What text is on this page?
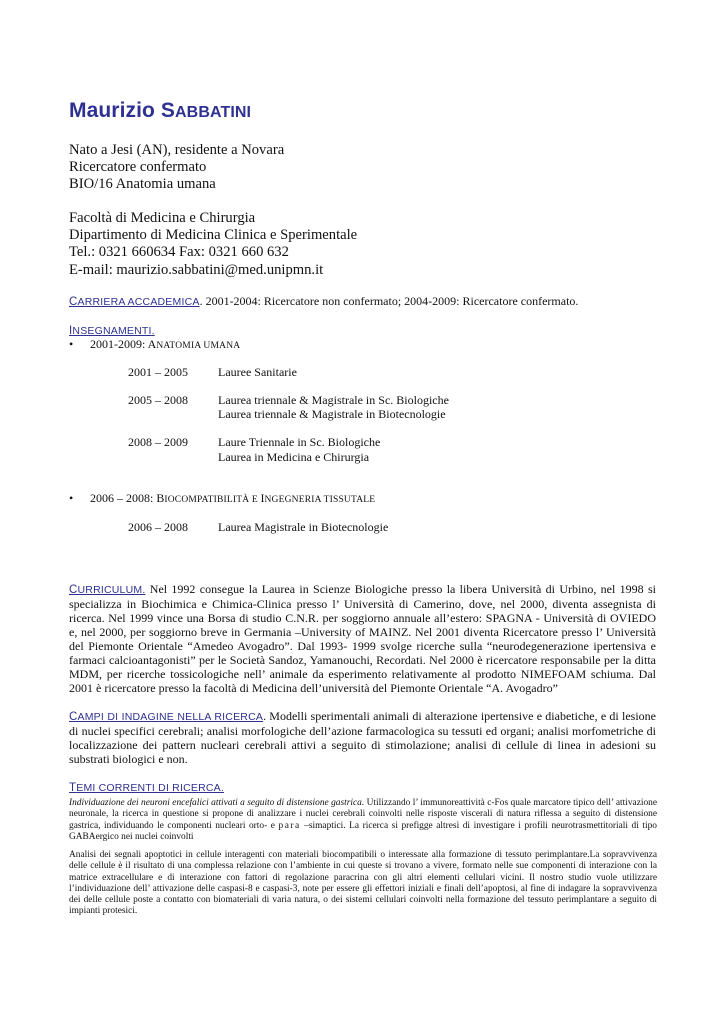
Maurizio SABBATINI
Nato a Jesi (AN), residente a Novara
Ricercatore confermato
BIO/16 Anatomia umana
Facoltà di Medicina e Chirurgia
Dipartimento di Medicina Clinica e Sperimentale
Tel.: 0321 660634 Fax: 0321 660 632
E-mail: maurizio.sabbatini@med.unipmn.it
CARRIERA ACCADEMICA. 2001-2004: Ricercatore non confermato; 2004-2009: Ricercatore confermato.
INSEGNAMENTI.
• 2001-2009: ANATOMIA UMANA
2001 – 2005	Lauree Sanitarie
2005 – 2008	Laurea triennale & Magistrale in Sc. Biologiche
Laurea triennale & Magistrale in Biotecnologie
2008 – 2009	Laure Triennale in Sc. Biologiche
Laurea in Medicina e Chirurgia
• 2006 – 2008: BIOCOMPATIBILITÀ E INGEGNERIA TISSUTALE
2006 – 2008	Laurea Magistrale in Biotecnologie
CURRICULUM. Nel 1992 consegue la Laurea in Scienze Biologiche presso la libera Università di Urbino, nel 1998 si specializza in Biochimica e Chimica-Clinica presso l’ Università di Camerino, dove, nel 2000, diventa assegnista di ricerca. Nel 1999 vince una Borsa di studio C.N.R. per soggiorno annuale all’estero: SPAGNA - Università di OVIEDO e, nel 2000, per soggiorno breve in Germania –University of MAINZ. Nel 2001 diventa Ricercatore presso l’ Università del Piemonte Orientale “Amedeo Avogadro”. Dal 1993- 1999 svolge ricerche sulla “neurodegenerazione ipertensiva e farmaci calcioantagonisti” per le Società Sandoz, Yamanouchi, Recordati. Nel 2000 è ricercatore responsabile per la ditta MDM, per ricerche tossicologiche nell’ animale da esperimento relativamente al prodotto NIMEFOAM schiuma. Dal 2001 è ricercatore presso la facoltà di Medicina dell’università del Piemonte Orientale “A. Avogadro”
CAMPI DI INDAGINE NELLA RICERCA. Modelli sperimentali animali di alterazione ipertensive e diabetiche, e di lesione di nuclei specifici cerebrali; analisi morfologiche dell’azione farmacologica su tessuti ed organi; analisi morfometriche di localizzazione dei pattern nucleari cerebrali attivi a seguito di stimolazione; analisi di cellule di linea in adesioni su substrati biologici e non.
TEMI CORRENTI DI RICERCA.
Individuazione dei neuroni encefalici attivati a seguito di distensione gastrica. Utilizzando l’ immunoreattività c-Fos quale marcatore tipico dell’ attivazione neuronale, la ricerca in questione si propone di analizzare i nuclei cerebrali coinvolti nelle risposte viscerali di natura riflessa a seguito di distensione gastrica, individuando le componenti nucleari orto- e para –simaptici. La ricerca si prefigge altresì di investigare i profili neurotrasmettitoriali di tipo GABAergico nei nuclei coinvolti
Analisi dei segnali apoptotici in cellule interagenti con materiali biocompatibili o interessate alla formazione di tessuto perimplantare.La sopravvivenza delle cellule è il risultato di una complessa relazione con l’ambiente in cui queste si trovano a vivere, formato nelle sue componenti di interazione con la matrice extracellulare e di interazione con fattori di regolazione paracrina con gli altri elementi cellulari vicini. Il nostro studio vuole utilizzare l’individuazione dell’ attivazione delle caspasi-8 e caspasi-3, note per essere gli effettori iniziali e finali dell’apoptosi, al fine di indagare la sopravvivenza dei delle cellule poste a contatto con biomateriali di varia natura, o dei sistemi cellulari coinvolti nella formazione del tessuto perimplantare a seguito di impianti protesici.
